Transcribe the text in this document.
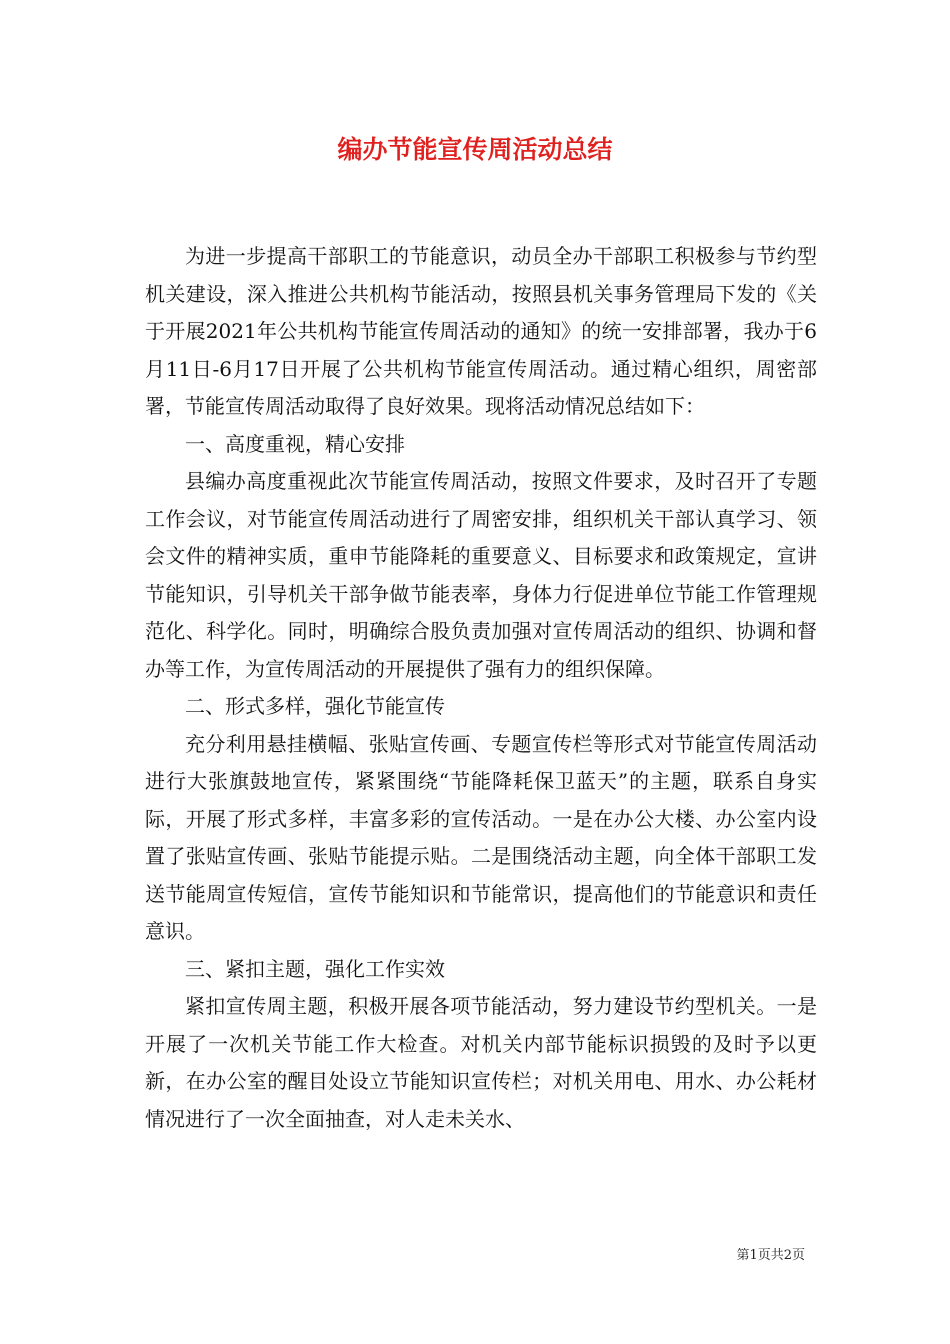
编办节能宣传周活动总结

为进一步提高干部职工的节能意识，动员全办干部职工积极参与节约型机关建设，深入推进公共机构节能活动，按照县机关事务管理局下发的《关于开展2021年公共机构节能宣传周活动的通知》的统一安排部署，我办于6月11日-6月17日开展了公共机构节能宣传周活动。通过精心组织，周密部署，节能宣传周活动取得了良好效果。现将活动情况总结如下：

一、高度重视，精心安排

县编办高度重视此次节能宣传周活动，按照文件要求，及时召开了专题工作会议，对节能宣传周活动进行了周密安排，组织机关干部认真学习、领会文件的精神实质，重申节能降耗的重要意义、目标要求和政策规定，宣讲节能知识，引导机关干部争做节能表率，身体力行促进单位节能工作管理规范化、科学化。同时，明确综合股负责加强对宣传周活动的组织、协调和督办等工作，为宣传周活动的开展提供了强有力的组织保障。

二、形式多样，强化节能宣传

充分利用悬挂横幅、张贴宣传画、专题宣传栏等形式对节能宣传周活动进行大张旗鼓地宣传，紧紧围绕“节能降耗保卫蓝天”的主题，联系自身实际，开展了形式多样，丰富多彩的宣传活动。一是在办公大楼、办公室内设置了张贴宣传画、张贴节能提示贴。二是围绕活动主题，向全体干部职工发送节能周宣传短信，宣传节能知识和节能常识，提高他们的节能意识和责任意识。

三、紧扣主题，强化工作实效

紧扣宣传周主题，积极开展各项节能活动，努力建设节约型机关。一是开展了一次机关节能工作大检查。对机关内部节能标识损毁的及时予以更新，在办公室的醒目处设立节能知识宣传栏；对机关用电、用水、办公耗材情况进行了一次全面抽查，对人走未关水、

第1页共2页
